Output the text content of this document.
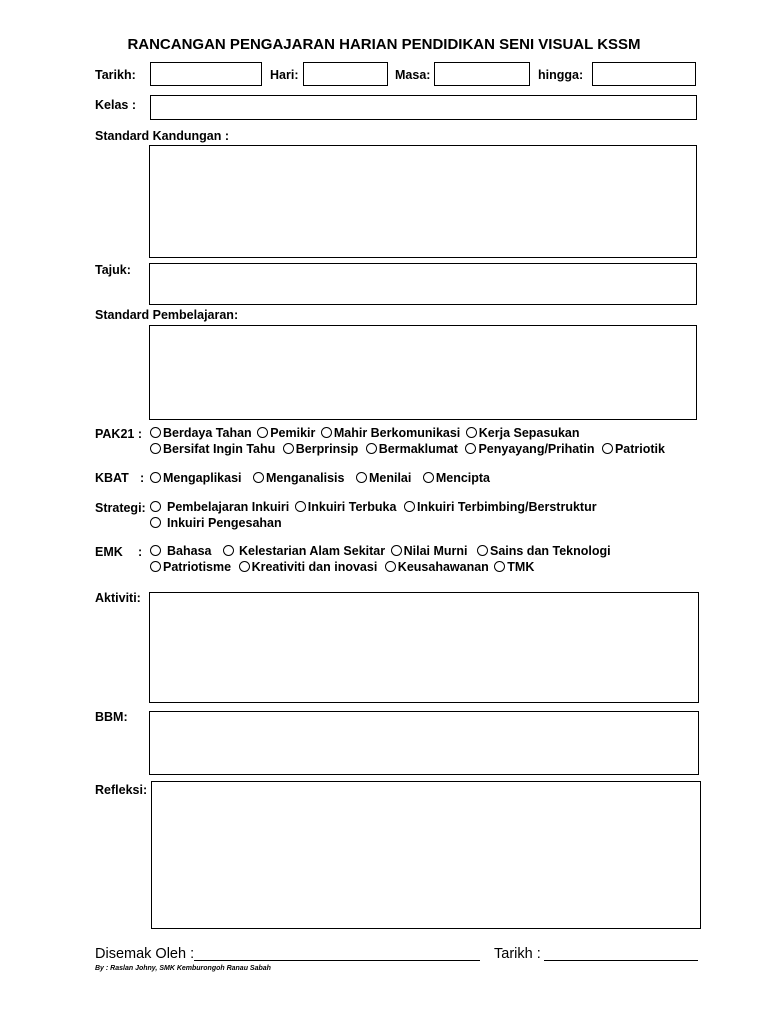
RANCANGAN PENGAJARAN HARIAN PENDIDIKAN SENI VISUAL KSSM
Tarikh:	Hari:	Masa:	hingga:
Kelas :
Standard Kandungan :
Tajuk:
Standard Pembelajaran:
PAK21 :	Berdaya Tahan Pemikir Mahir Berkomunikasi Kerja Sepasukan
Bersifat Ingin Tahu Berprinsip Bermaklumat Penyayang/Prihatin Patriotik
KBAT :	Mengaplikasi Menganalisis Menilai Mencipta
Strategi:	Pembelajaran Inkuiri Inkuiri Terbuka Inkuiri Terbimbing/Berstruktur
Inkuiri Pengesahan
EMK :	Bahasa Kelestarian Alam Sekitar Nilai Murni Sains dan Teknologi
Patriotisme Kreativiti dan inovasi Keusahawanan TMK
Aktiviti:
BBM:
Refleksi:
Disemak Oleh :	Tarikh :
By : Raslan Johny, SMK Kemburongoh Ranau Sabah
